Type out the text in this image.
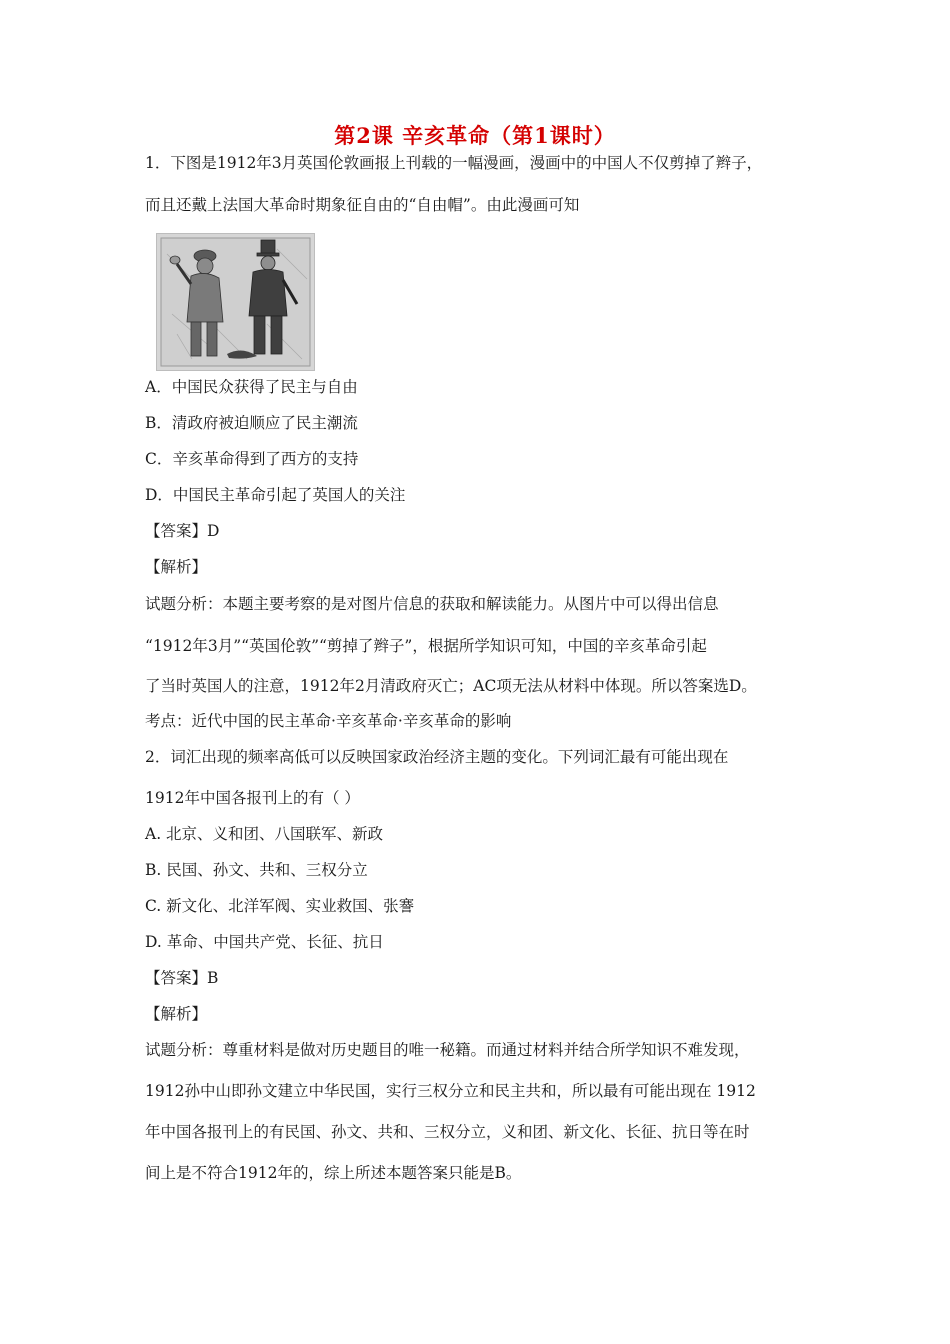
第2课 辛亥革命（第1课时）
1．下图是1912年3月英国伦敦画报上刊载的一幅漫画，漫画中的中国人不仅剪掉了辫子，
而且还戴上法国大革命时期象征自由的“自由帽”。由此漫画可知
A．中国民众获得了民主与自由
B．清政府被迫顺应了民主潮流
C．辛亥革命得到了西方的支持
D．中国民主革命引起了英国人的关注
【答案】D
【解析】
试题分析：本题主要考察的是对图片信息的获取和解读能力。从图片中可以得出信息
“1912年3月”“英国伦敦”“剪掉了辫子”，根据所学知识可知，中国的辛亥革命引起
了当时英国人的注意，1912年2月清政府灭亡；AC项无法从材料中体现。所以答案选D。
考点：近代中国的民主革命·辛亥革命·辛亥革命的影响
2．词汇出现的频率高低可以反映国家政治经济主题的变化。下列词汇最有可能出现在
1912年中国各报刊上的有（ ）
A. 北京、义和团、八国联军、新政
B. 民国、孙文、共和、三权分立
C. 新文化、北洋军阀、实业救国、张謇
D. 革命、中国共产党、长征、抗日
【答案】B
【解析】
试题分析：尊重材料是做对历史题目的唯一秘籍。而通过材料并结合所学知识不难发现，
1912孙中山即孙文建立中华民国，实行三权分立和民主共和，所以最有可能出现在 1912
年中国各报刊上的有民国、孙文、共和、三权分立，义和团、新文化、长征、抗日等在时
间上是不符合1912年的，综上所述本题答案只能是B。
